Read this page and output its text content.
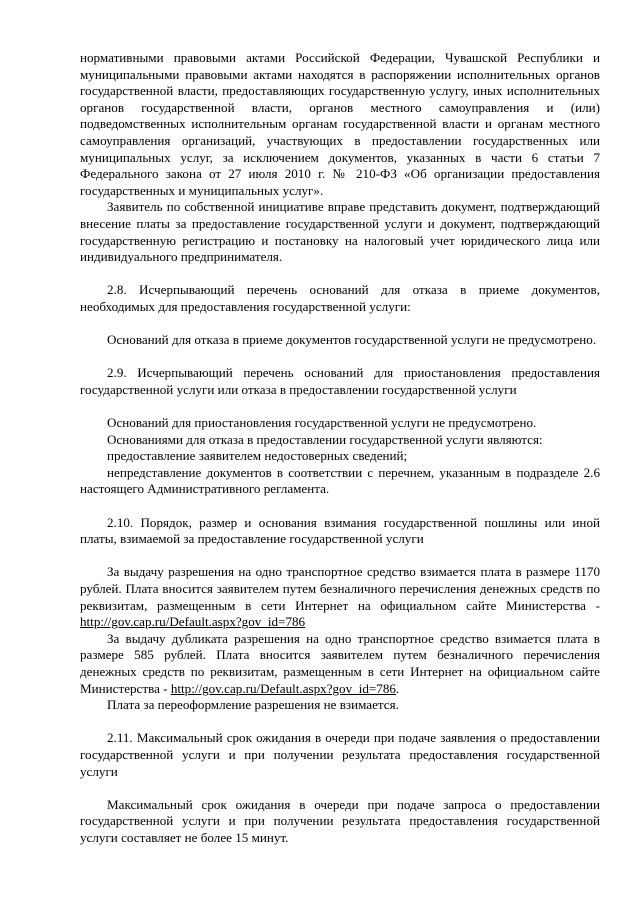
нормативными правовыми актами Российской Федерации, Чувашской Республики и муниципальными правовыми актами находятся в распоряжении исполнительных органов государственной власти, предоставляющих государственную услугу, иных исполнительных органов государственной власти, органов местного самоуправления и (или) подведомственных исполнительным органам государственной власти и органам местного самоуправления организаций, участвующих в предоставлении государственных или муниципальных услуг, за исключением документов, указанных в части 6 статьи 7 Федерального закона от 27 июля 2010 г. № 210-ФЗ «Об организации предоставления государственных и муниципальных услуг».

Заявитель по собственной инициативе вправе представить документ, подтверждающий внесение платы за предоставление государственной услуги и документ, подтверждающий государственную регистрацию и постановку на налоговый учет юридического лица или индивидуального предпринимателя.

2.8. Исчерпывающий перечень оснований для отказа в приеме документов, необходимых для предоставления государственной услуги:

Оснований для отказа в приеме документов государственной услуги не предусмотрено.

2.9. Исчерпывающий перечень оснований для приостановления предоставления государственной услуги или отказа в предоставлении государственной услуги

Оснований для приостановления государственной услуги не предусмотрено.

Основаниями для отказа в предоставлении государственной услуги являются:

предоставление заявителем недостоверных сведений;

непредставление документов в соответствии с перечнем, указанным в подразделе 2.6 настоящего Административного регламента.

2.10. Порядок, размер и основания взимания государственной пошлины или иной платы, взимаемой за предоставление государственной услуги

За выдачу разрешения на одно транспортное средство взимается плата в размере 1170 рублей. Плата вносится заявителем путем безналичного перечисления денежных средств по реквизитам, размещенным в сети Интернет на официальном сайте Министерства - http://gov.cap.ru/Default.aspx?gov_id=786

За выдачу дубликата разрешения на одно транспортное средство взимается плата в размере 585 рублей. Плата вносится заявителем путем безналичного перечисления денежных средств по реквизитам, размещенным в сети Интернет на официальном сайте Министерства - http://gov.cap.ru/Default.aspx?gov_id=786.

Плата за переоформление разрешения не взимается.

2.11. Максимальный срок ожидания в очереди при подаче заявления о предоставлении государственной услуги и при получении результата предоставления государственной услуги

Максимальный срок ожидания в очереди при подаче запроса о предоставлении государственной услуги и при получении результата предоставления государственной услуги составляет не более 15 минут.
